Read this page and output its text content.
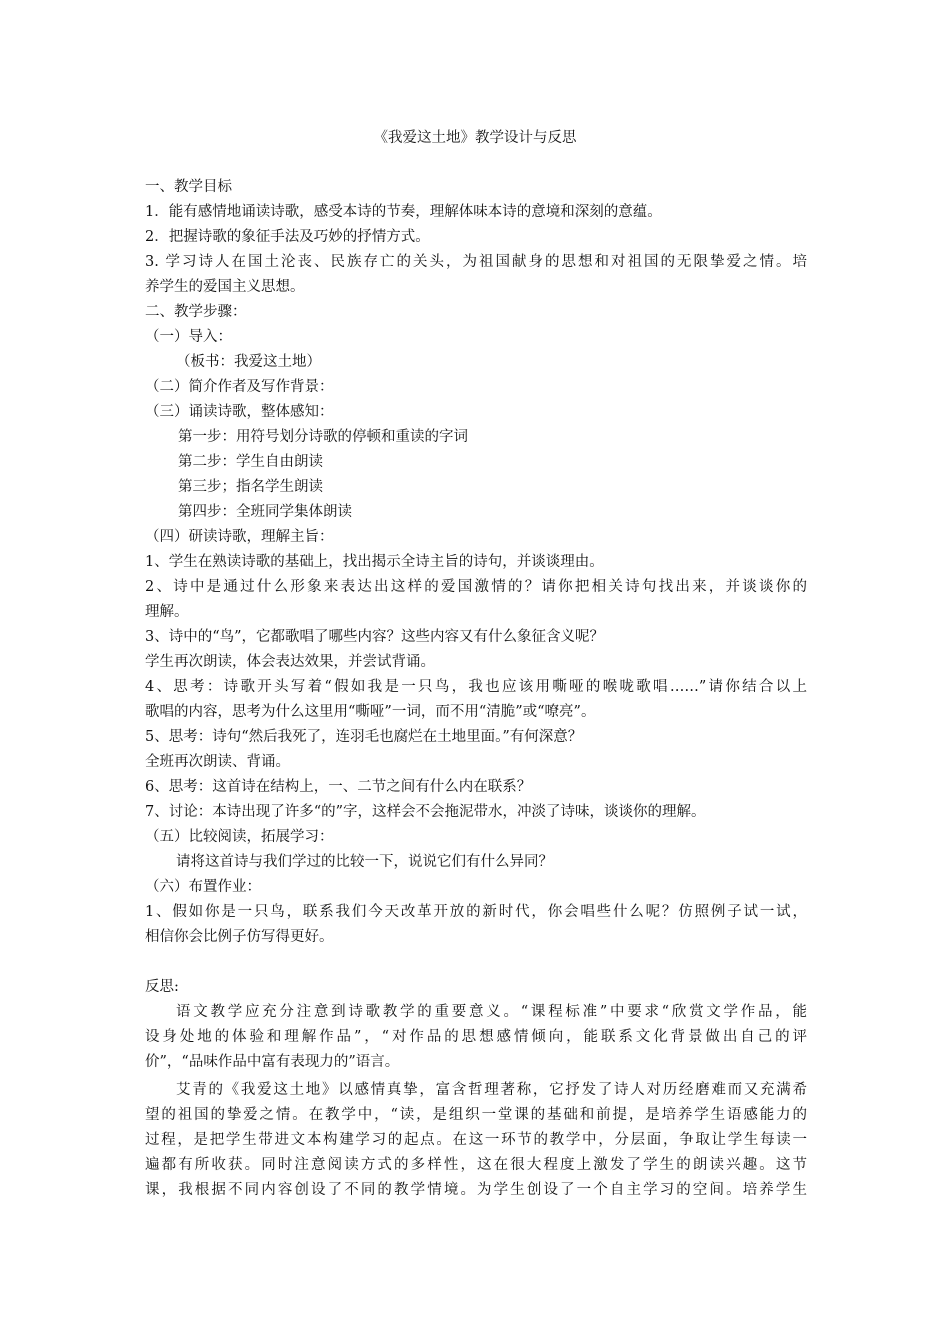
《我爱这土地》教学设计与反思
一、教学目标
1．能有感情地诵读诗歌，感受本诗的节奏，理解体味本诗的意境和深刻的意蕴。
2．把握诗歌的象征手法及巧妙的抒情方式。
3. 学习诗人在国土沦丧、民族存亡的关头，为祖国献身的思想和对祖国的无限挚爱之情。培
养学生的爱国主义思想。
二、教学步骤：
（一）导入：
（板书：我爱这土地）
（二）简介作者及写作背景：
（三）诵读诗歌，整体感知：
第一步：用符号划分诗歌的停顿和重读的字词
第二步：学生自由朗读
第三步；指名学生朗读
第四步：全班同学集体朗读
（四）研读诗歌，理解主旨：
1、学生在熟读诗歌的基础上，找出揭示全诗主旨的诗句，并谈谈理由。
2、诗中是通过什么形象来表达出这样的爱国激情的？请你把相关诗句找出来，并谈谈你的
理解。
3、诗中的“鸟”，它都歌唱了哪些内容？这些内容又有什么象征含义呢？
学生再次朗读，体会表达效果，并尝试背诵。
4、思考：诗歌开头写着“假如我是一只鸟，我也应该用嘶哑的喉咙歌唱……”请你结合以上
歌唱的内容，思考为什么这里用“嘶哑”一词，而不用“清脆”或“嘹亮”。
5、思考：诗句“然后我死了，连羽毛也腐烂在土地里面。”有何深意？
全班再次朗读、背诵。
6、思考：这首诗在结构上，一、二节之间有什么内在联系？
7、讨论：本诗出现了许多“的”字，这样会不会拖泥带水，冲淡了诗味，谈谈你的理解。
（五）比较阅读，拓展学习：
请将这首诗与我们学过的比较一下，说说它们有什么异同？
（六）布置作业：
1、假如你是一只鸟，联系我们今天改革开放的新时代，你会唱些什么呢？仿照例子试一试，
相信你会比例子仿写得更好。
反思:
语文教学应充分注意到诗歌教学的重要意义。“课程标准”中要求“欣赏文学作品，能
设身处地的体验和理解作品”，“对作品的思想感情倾向，能联系文化背景做出自己的评
价”，“品味作品中富有表现力的”语言。
艾青的《我爱这土地》以感情真挚，富含哲理著称，它抒发了诗人对历经磨难而又充满希
望的祖国的挚爱之情。在教学中，“读，是组织一堂课的基础和前提，是培养学生语感能力的
过程，是把学生带进文本构建学习的起点。在这一环节的教学中，分层面，争取让学生每读一
遍都有所收获。同时注意阅读方式的多样性，这在很大程度上激发了学生的朗读兴趣。这节
课，我根据不同内容创设了不同的教学情境。为学生创设了一个自主学习的空间。培养学生
